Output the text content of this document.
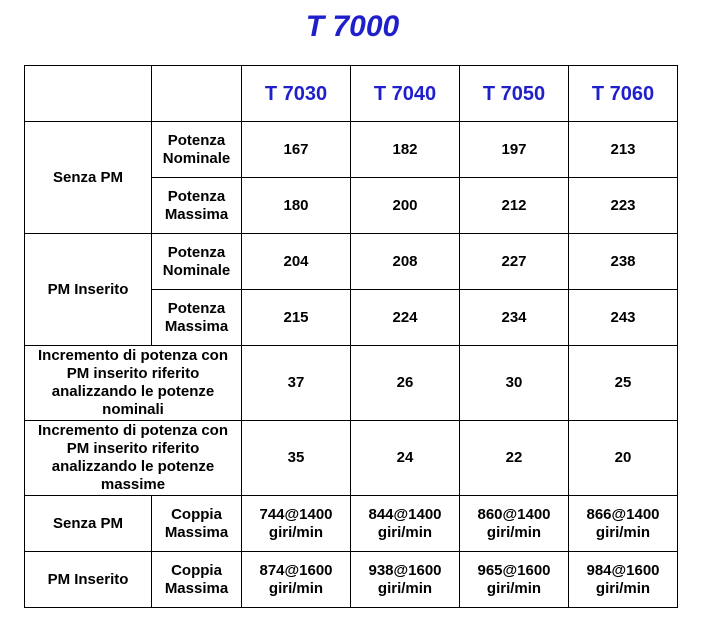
T 7000
		T 7030	T 7040	T 7050	T 7060
Senza PM	Potenza Nominale	167	182	197	213
	Potenza Massima	180	200	212	223
PM Inserito	Potenza Nominale	204	208	227	238
	Potenza Massima	215	224	234	243
Incremento di potenza con PM inserito riferito analizzando le potenze nominali		37	26	30	25
Incremento di potenza con PM inserito riferito analizzando le potenze massime		35	24	22	20
Senza PM	Coppia Massima	744@1400 giri/min	844@1400 giri/min	860@1400 giri/min	866@1400 giri/min
PM Inserito	Coppia Massima	874@1600 giri/min	938@1600 giri/min	965@1600 giri/min	984@1600 giri/min
